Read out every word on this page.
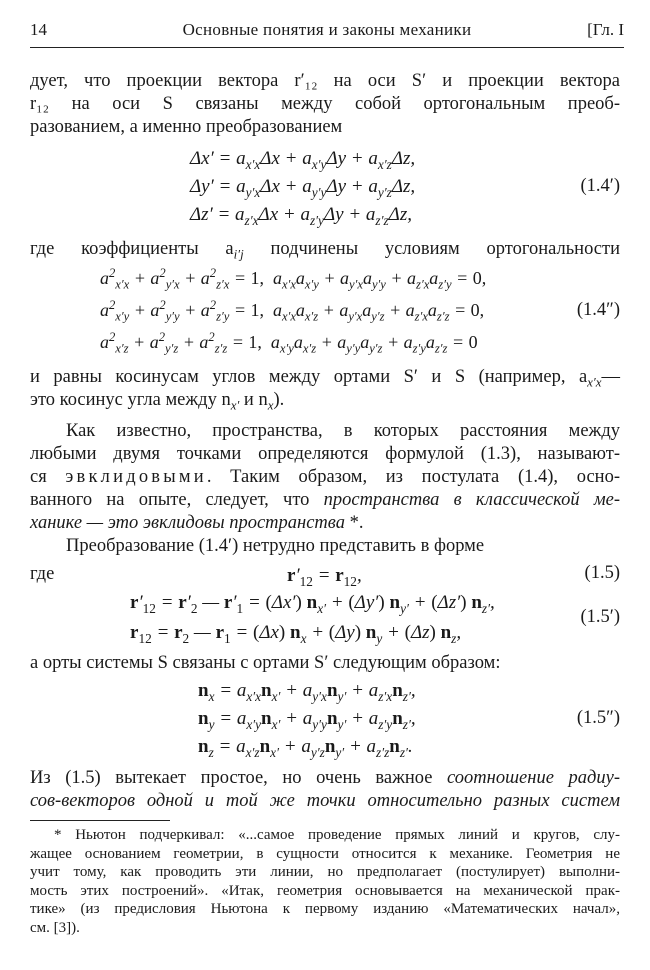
14	Основные понятия и законы механики	[Гл. I
дует, что проекции вектора r′₁₂ на оси S′ и проекции вектора
r₁₂ на оси S связаны между собой ортогональным преоб-
разованием, а именно преобразованием
$\Delta x' = a_{x'x}\Delta x + a_{x'y}\Delta y + a_{x'z}\Delta z$,
$\Delta y' = a_{y'x}\Delta x + a_{y'y}\Delta y + a_{y'z}\Delta z$,
$\Delta z' = a_{z'x}\Delta x + a_{z'y}\Delta y + a_{z'z}\Delta z$,
(1.4′)
где коэффициенты $a_{i'j}$ подчинены условиям ортогональности
$a^2_{x'x} + a^2_{y'x} + a^2_{z'x} = 1$, $a_{x'x}a_{x'y} + a_{y'x}a_{y'y} + a_{z'x}a_{z'y} = 0$,
$a^2_{x'y} + a^2_{y'y} + a^2_{z'y} = 1$, $a_{x'x}a_{x'z} + a_{y'x}a_{y'z} + a_{z'x}a_{z'z} = 0$,
$a^2_{x'z} + a^2_{y'z} + a^2_{z'z} = 1$, $a_{x'y}a_{x'z} + a_{y'y}a_{y'z} + a_{z'y}a_{z'z} = 0$
(1.4″)
и равны косинусам углов между ортами S′ и S (например, $a_{x'x}—$
это косинус угла между $n_{x'}$ и $n_x$).
Как известно, пространства, в которых расстояния между
любыми двумя точками определяются формулой (1.3), называют-
ся эвклидовыми. Таким образом, из постулата (1.4), осно-
ванного на опыте, следует, что пространства в классической ме-
ханике — это эвклидовы пространства *.
Преобразование (1.4′) нетрудно представить в форме
$r'_{12} = r_{12}$,	(1.5)
где
$r'_{12} = r'_2$ — $r'_1 = (\Delta x') n_{x'} + (\Delta y') n_{y'} + (\Delta z')$ $n_{z'}$,
$r_{12} = r_2$ — $r_1 = (\Delta x) n_x + (\Delta y) n_y + (\Delta z)$ $n_z$,
(1.5′)
а орты системы S связаны с ортами S′ следующим образом:
$n_x = a_{x'x}n_{x'} + a_{y'x}n_{y'} + a_{z'x}n_{z'}$,
$n_y = a_{x'y}n_{x'} + a_{y'y}n_{y'} + a_{z'y}n_{z'}$,
$n_z = a_{x'z}n_{x'} + a_{y'z}n_{y'} + a_{z'z}n_{z'}$.
(1.5″)
Из (1.5) вытекает простое, но очень важное соотношение радиу-
сов-векторов одной и той же точки относительно разных систем
* Ньютон подчеркивал: «...самое проведение прямых линий и кругов, слу-
жащее основанием геометрии, в сущности относится к механике. Геометрия не
учит тому, как проводить эти линии, но предполагает (постулирует) выполни-
мость этих построений». «Итак, геометрия основывается на механической прак-
тике» (из предисловия Ньютона к первому изданию «Математических начал»,
см. [3]).
